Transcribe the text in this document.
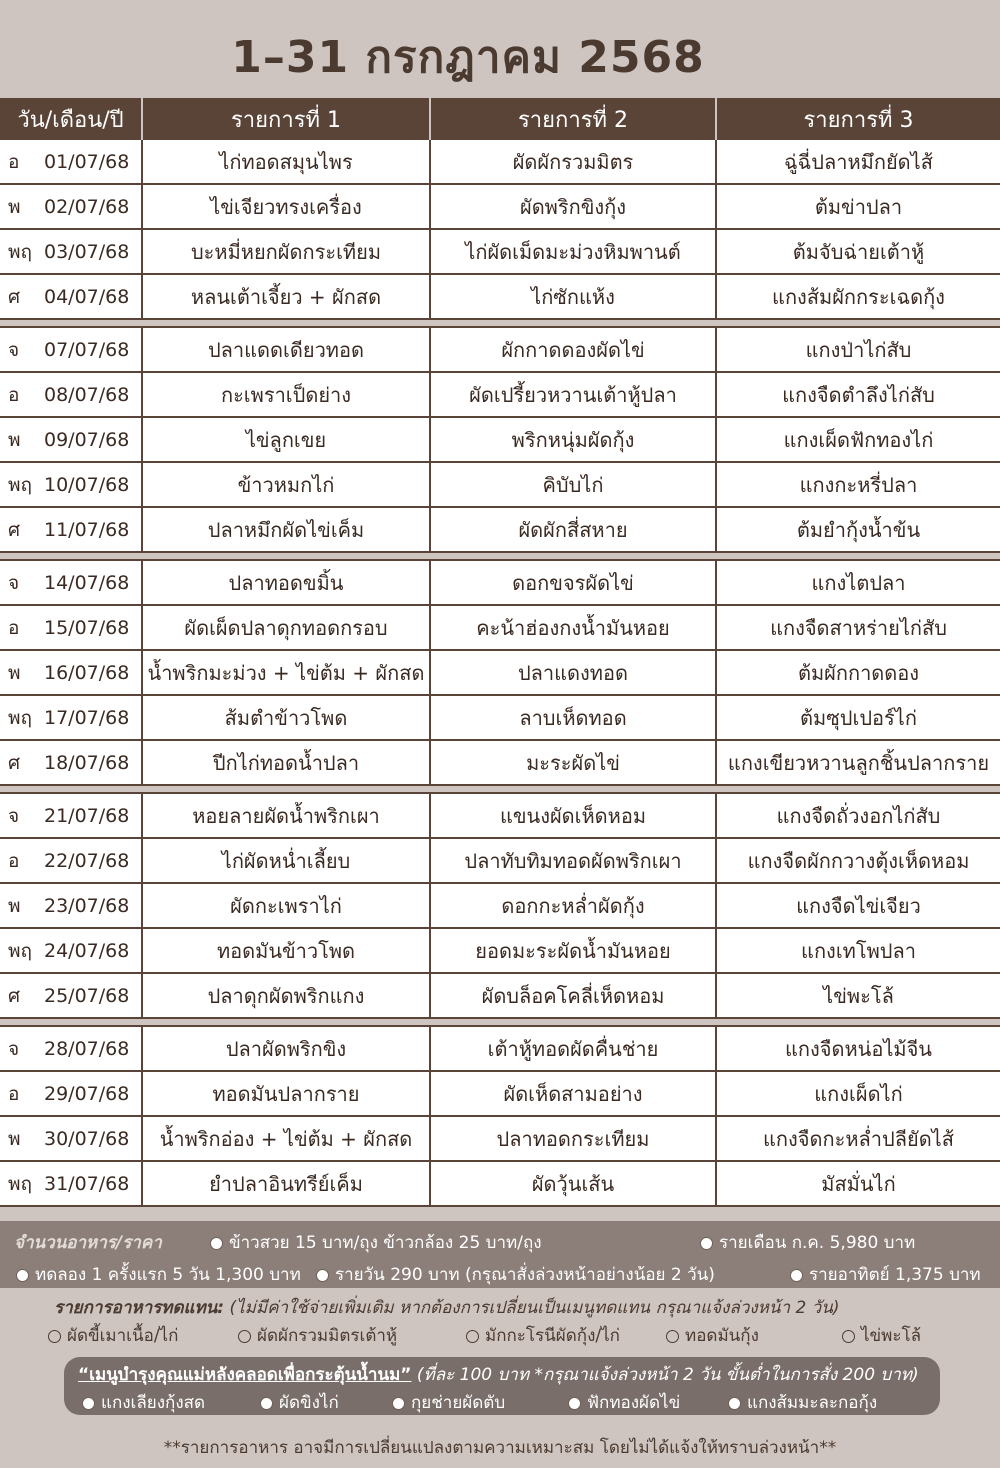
1–31 กรกฎาคม 2568
วัน/เดือน/ปี	รายการที่ 1	รายการที่ 2	รายการที่ 3
อ 01/07/68	ไก่ทอดสมุนไพร	ผัดผักรวมมิตร	ฉู่ฉี่ปลาหมึกยัดไส้
พ 02/07/68	ไข่เจียวทรงเครื่อง	ผัดพริกขิงกุ้ง	ต้มข่าปลา
พฤ 03/07/68	บะหมี่หยกผัดกระเทียม	ไก่ผัดเม็ดมะม่วงหิมพานต์	ต้มจับฉ่ายเต้าหู้
ศ 04/07/68	หลนเต้าเจี้ยว + ผักสด	ไก่ซักแห้ง	แกงส้มผักกระเฉดกุ้ง

จ 07/07/68	ปลาแดดเดียวทอด	ผักกาดดองผัดไข่	แกงป่าไก่สับ
อ 08/07/68	กะเพราเป็ดย่าง	ผัดเปรี้ยวหวานเต้าหู้ปลา	แกงจืดตำลึงไก่สับ
พ 09/07/68	ไข่ลูกเขย	พริกหนุ่มผัดกุ้ง	แกงเผ็ดฟักทองไก่
พฤ 10/07/68	ข้าวหมกไก่	คิบับไก่	แกงกะหรี่ปลา
ศ 11/07/68	ปลาหมึกผัดไข่เค็ม	ผัดผักสี่สหาย	ต้มยำกุ้งน้ำข้น

จ 14/07/68	ปลาทอดขมิ้น	ดอกขจรผัดไข่	แกงไตปลา
อ 15/07/68	ผัดเผ็ดปลาดุกทอดกรอบ	คะน้าฮ่องกงน้ำมันหอย	แกงจืดสาหร่ายไก่สับ
พ 16/07/68	น้ำพริกมะม่วง + ไข่ต้ม + ผักสด	ปลาแดงทอด	ต้มผักกาดดอง
พฤ 17/07/68	ส้มตำข้าวโพด	ลาบเห็ดทอด	ต้มซุปเปอร์ไก่
ศ 18/07/68	ปีกไก่ทอดน้ำปลา	มะระผัดไข่	แกงเขียวหวานลูกชิ้นปลากราย

จ 21/07/68	หอยลายผัดน้ำพริกเผา	แขนงผัดเห็ดหอม	แกงจืดถั่วงอกไก่สับ
อ 22/07/68	ไก่ผัดหน่ำเลี้ยบ	ปลาทับทิมทอดผัดพริกเผา	แกงจืดผักกวางตุ้งเห็ดหอม
พ 23/07/68	ผัดกะเพราไก่	ดอกกะหล่ำผัดกุ้ง	แกงจืดไข่เจียว
พฤ 24/07/68	ทอดมันข้าวโพด	ยอดมะระผัดน้ำมันหอย	แกงเทโพปลา
ศ 25/07/68	ปลาดุกผัดพริกแกง	ผัดบล็อคโคลี่เห็ดหอม	ไข่พะโล้

จ 28/07/68	ปลาผัดพริกขิง	เต้าหู้ทอดผัดคื่นช่าย	แกงจืดหน่อไม้จีน
อ 29/07/68	ทอดมันปลากราย	ผัดเห็ดสามอย่าง	แกงเผ็ดไก่
พ 30/07/68	น้ำพริกอ่อง + ไข่ต้ม + ผักสด	ปลาทอดกระเทียม	แกงจืดกะหล่ำปลียัดไส้
พฤ 31/07/68	ยำปลาอินทรีย์เค็ม	ผัดวุ้นเส้น	มัสมั่นไก่
จำนวนอาหาร/ราคา	ข้าวสวย 15 บาท/ถุง ข้าวกล้อง 25 บาท/ถุง	รายเดือน ก.ค. 5,980 บาท
ทดลอง 1 ครั้งแรก 5 วัน 1,300 บาท	รายวัน 290 บาท (กรุณาสั่งล่วงหน้าอย่างน้อย 2 วัน)	รายอาทิตย์ 1,375 บาท
รายการอาหารทดแทน: (ไม่มีค่าใช้จ่ายเพิ่มเติม หากต้องการเปลี่ยนเป็นเมนูทดแทน กรุณาแจ้งล่วงหน้า 2 วัน)
ผัดขี้เมาเนื้อ/ไก่	ผัดผักรวมมิตรเต้าหู้	มักกะโรนีผัดกุ้ง/ไก่	ทอดมันกุ้ง	ไข่พะโล้
“เมนูบำรุงคุณแม่หลังคลอดเพื่อกระตุ้นน้ำนม” (ที่ละ 100 บาท *กรุณาแจ้งล่วงหน้า 2 วัน ขั้นต่ำในการสั่ง 200 บาท)
แกงเลียงกุ้งสด	ผัดขิงไก่	กุยช่ายผัดตับ	ฟักทองผัดไข่	แกงส้มมะละกอกุ้ง
**รายการอาหาร อาจมีการเปลี่ยนแปลงตามความเหมาะสม โดยไม่ได้แจ้งให้ทราบล่วงหน้า**
